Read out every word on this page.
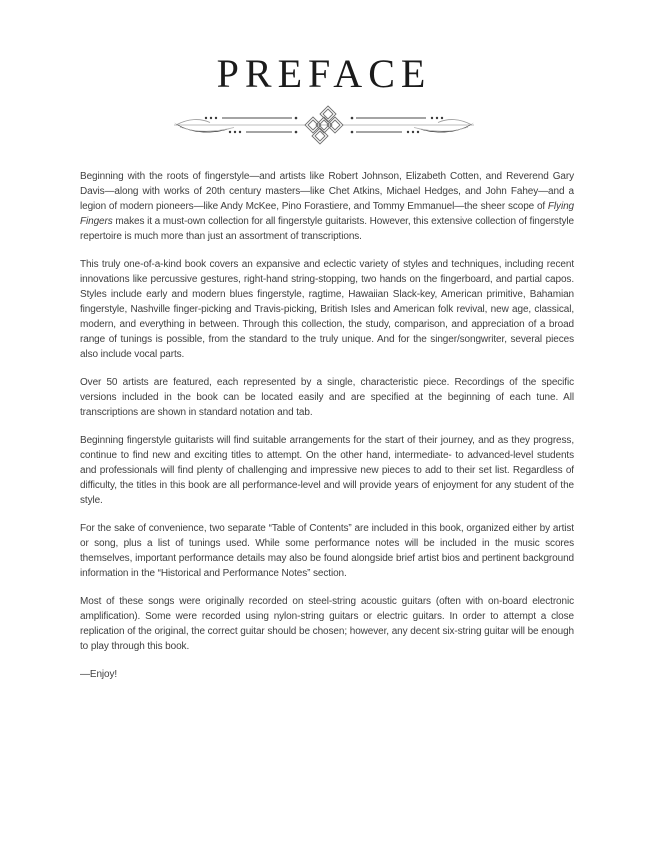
PREFACE

Beginning with the roots of fingerstyle—and artists like Robert Johnson, Elizabeth Cotten, and Reverend Gary Davis—along with works of 20th century masters—like Chet Atkins, Michael Hedges, and John Fahey—and a legion of modern pioneers—like Andy McKee, Pino Forastiere, and Tommy Emmanuel—the sheer scope of Flying Fingers makes it a must-own collection for all fingerstyle guitarists. However, this extensive collection of fingerstyle repertoire is much more than just an assortment of transcriptions.

This truly one-of-a-kind book covers an expansive and eclectic variety of styles and techniques, including recent innovations like percussive gestures, right-hand string-stopping, two hands on the fingerboard, and partial capos. Styles include early and modern blues fingerstyle, ragtime, Hawaiian Slack-key, American primitive, Bahamian fingerstyle, Nashville finger-picking and Travis-picking, British Isles and American folk revival, new age, classical, modern, and everything in between. Through this collection, the study, comparison, and appreciation of a broad range of tunings is possible, from the standard to the truly unique. And for the singer/songwriter, several pieces also include vocal parts.

Over 50 artists are featured, each represented by a single, characteristic piece. Recordings of the specific versions included in the book can be located easily and are specified at the beginning of each tune. All transcriptions are shown in standard notation and tab.

Beginning fingerstyle guitarists will find suitable arrangements for the start of their journey, and as they progress, continue to find new and exciting titles to attempt. On the other hand, intermediate- to advanced-level students and professionals will find plenty of challenging and impressive new pieces to add to their set list. Regardless of difficulty, the titles in this book are all performance-level and will provide years of enjoyment for any student of the style.

For the sake of convenience, two separate “Table of Contents” are included in this book, organized either by artist or song, plus a list of tunings used. While some performance notes will be included in the music scores themselves, important performance details may also be found alongside brief artist bios and pertinent background information in the “Historical and Performance Notes” section.

Most of these songs were originally recorded on steel-string acoustic guitars (often with on-board electronic amplification). Some were recorded using nylon-string guitars or electric guitars. In order to attempt a close replication of the original, the correct guitar should be chosen; however, any decent six-string guitar will be enough to play through this book.

—Enjoy!
